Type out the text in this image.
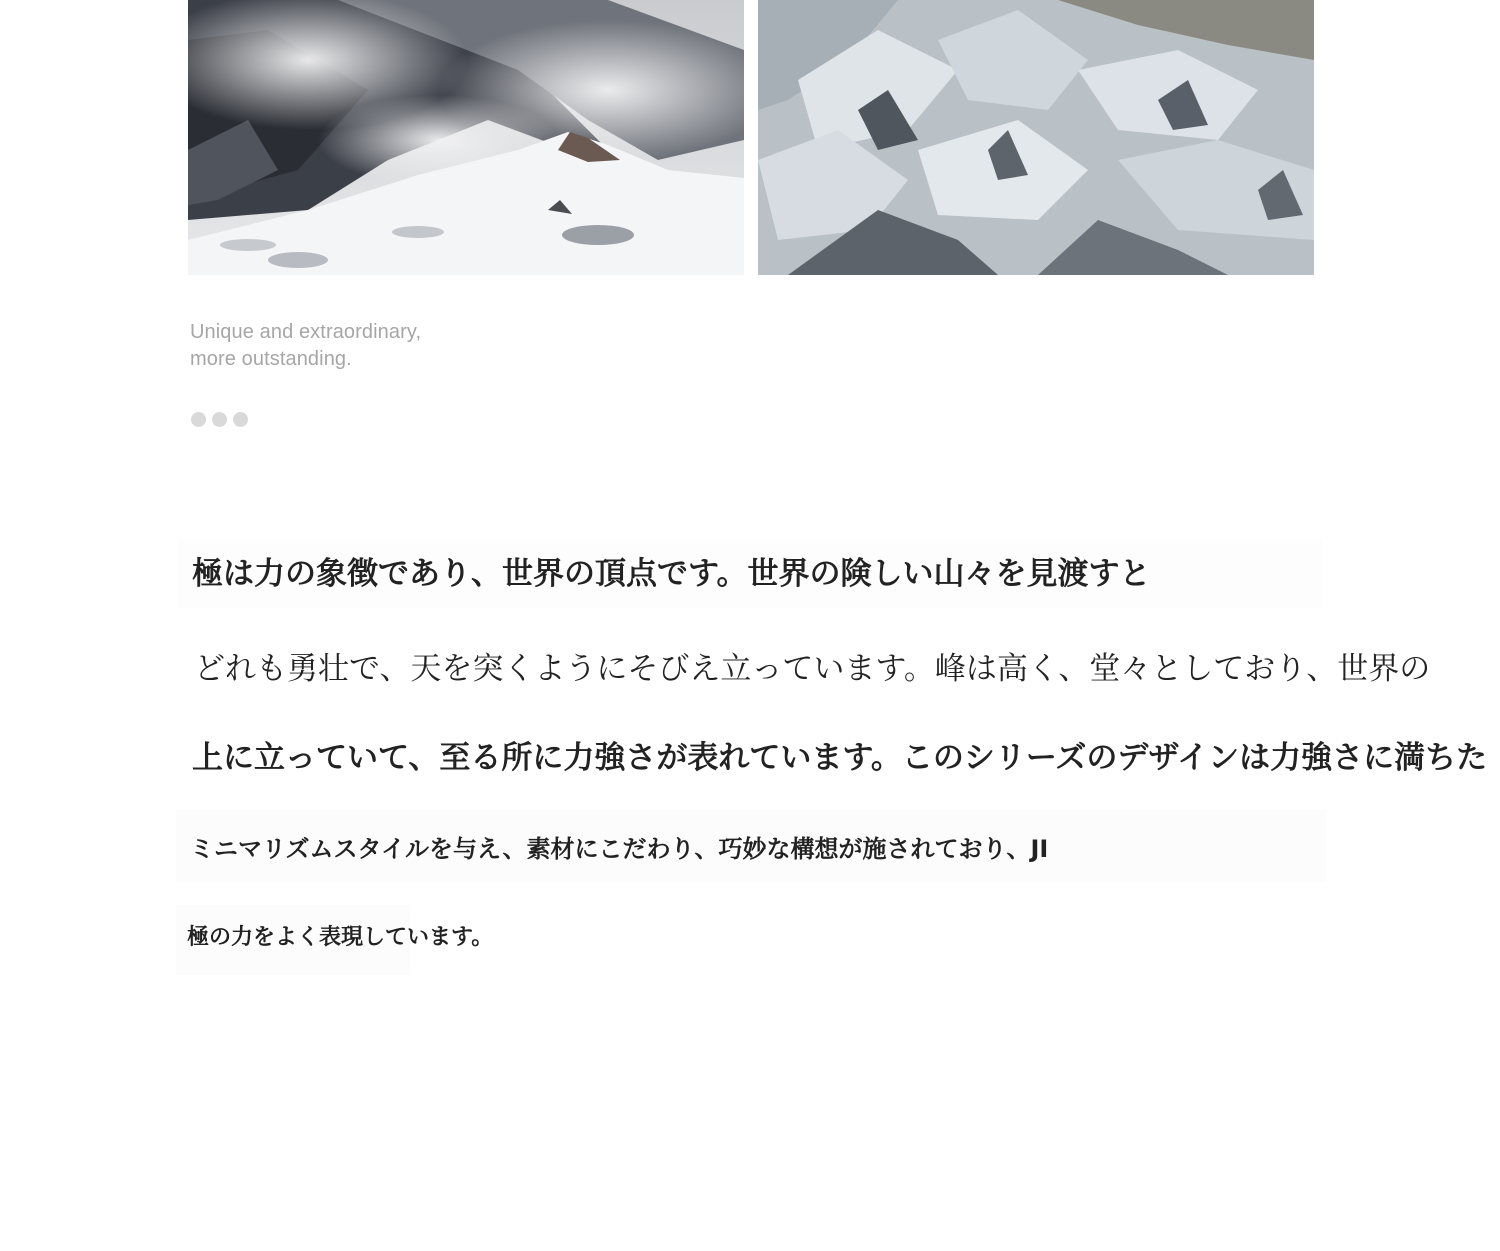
Unique and extraordinary,
more outstanding.
極は力の象徴であり、世界の頂点です。世界の険しい山々を見渡すと
どれも勇壮で、天を突くようにそびえ立っています。峰は高く、堂々としており、世界の
上に立っていて、至る所に力強さが表れています。このシリーズのデザインは力強さに満ちた
ミニマリズムスタイルを与え、素材にこだわり、巧妙な構想が施されており、JI
極の力をよく表現しています。
